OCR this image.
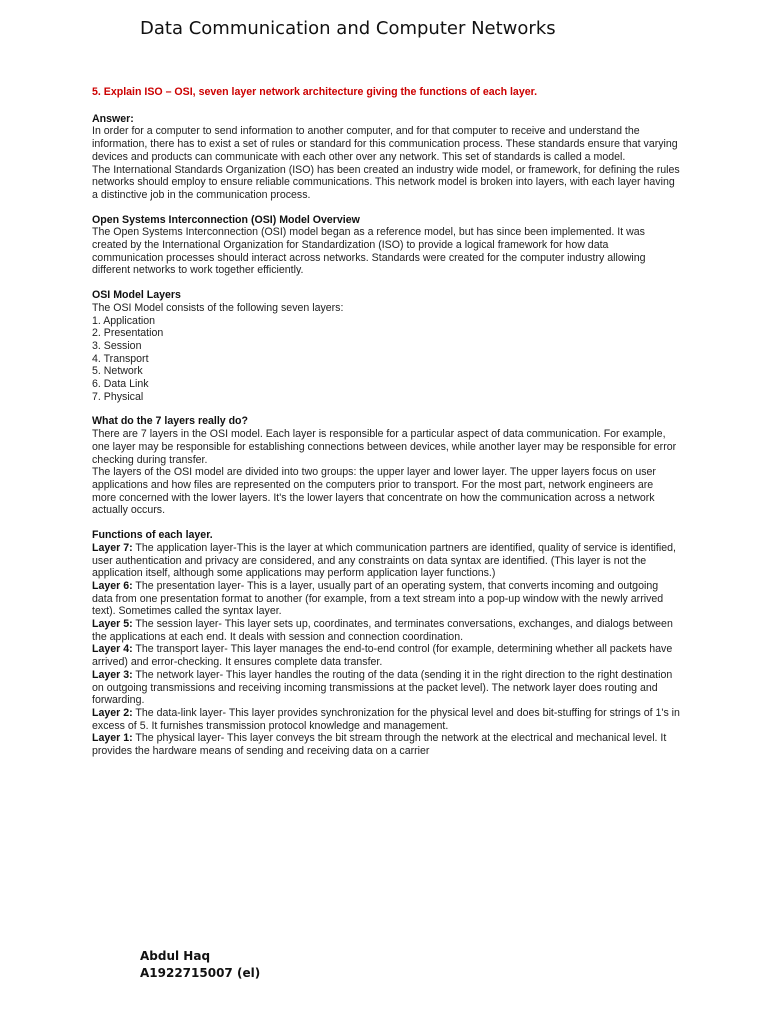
Data Communication and Computer Networks

5. Explain ISO – OSI, seven layer network architecture giving the functions of each layer.

Answer:

In order for a computer to send information to another computer, and for that computer to receive and understand the information, there has to exist a set of rules or standard for this communication process. These standards ensure that varying devices and products can communicate with each other over any network. This set of standards is called a model.

The International Standards Organization (ISO) has been created an industry wide model, or framework, for defining the rules networks should employ to ensure reliable communications. This network model is broken into layers, with each layer having a distinctive job in the communication process.

Open Systems Interconnection (OSI) Model Overview

The Open Systems Interconnection (OSI) model began as a reference model, but has since been implemented. It was created by the International Organization for Standardization (ISO) to provide a logical framework for how data communication processes should interact across networks. Standards were created for the computer industry allowing different networks to work together efficiently.

OSI Model Layers

The OSI Model consists of the following seven layers:

1. Application
2. Presentation
3. Session
4. Transport
5. Network
6. Data Link
7. Physical
What do the 7 layers really do?

There are 7 layers in the OSI model. Each layer is responsible for a particular aspect of data communication. For example, one layer may be responsible for establishing connections between devices, while another layer may be responsible for error checking during transfer.

The layers of the OSI model are divided into two groups: the upper layer and lower layer. The upper layers focus on user applications and how files are represented on the computers prior to transport. For the most part, network engineers are more concerned with the lower layers. It's the lower layers that concentrate on how the communication across a network actually occurs.

Functions of each layer.

Layer 7: The application layer-This is the layer at which communication partners are identified, quality of service is identified, user authentication and privacy are considered, and any constraints on data syntax are identified. (This layer is not the application itself, although some applications may perform application layer functions.)

Layer 6: The presentation layer- This is a layer, usually part of an operating system, that converts incoming and outgoing data from one presentation format to another (for example, from a text stream into a pop-up window with the newly arrived text). Sometimes called the syntax layer.

Layer 5: The session layer- This layer sets up, coordinates, and terminates conversations, exchanges, and dialogs between the applications at each end. It deals with session and connection coordination.

Layer 4: The transport layer- This layer manages the end-to-end control (for example, determining whether all packets have arrived) and error-checking. It ensures complete data transfer.

Layer 3: The network layer- This layer handles the routing of the data (sending it in the right direction to the right destination on outgoing transmissions and receiving incoming transmissions at the packet level). The network layer does routing and forwarding.

Layer 2: The data-link layer- This layer provides synchronization for the physical level and does bit-stuffing for strings of 1's in excess of 5. It furnishes transmission protocol knowledge and management.

Layer 1: The physical layer- This layer conveys the bit stream through the network at the electrical and mechanical level. It provides the hardware means of sending and receiving data on a carrier

Abdul Haq
A1922715007 (el)
